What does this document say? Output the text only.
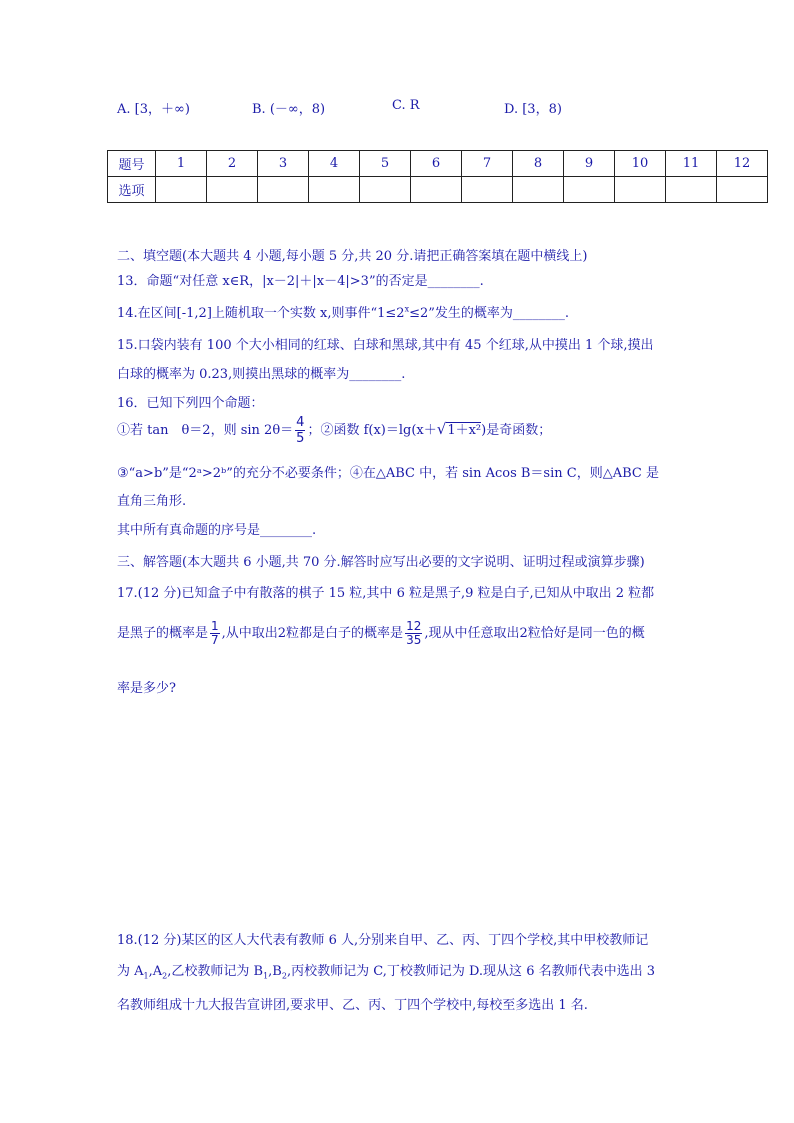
A. [3，＋∞)	B. (－∞，8)	C. R	D. [3，8)
题号	1	2	3	4	5	6	7	8	9	10	11	12
选项												
二、填空题(本大题共 4 小题,每小题 5 分,共 20 分.请把正确答案填在题中横线上)
13．命题“对任意 x∈R，|x－2|＋|x－4|>3”的否定是________.
14.在区间[-1,2]上随机取一个实数 x,则事件“$1\le 2^x\le 2$”发生的概率为________.
15.口袋内装有 100 个大小相同的红球、白球和黑球,其中有 45 个红球,从中摸出 1 个球,摸出
白球的概率为 0.23,则摸出黑球的概率为________.
16．已知下列四个命题：
①若 tan　θ＝2，则 $\sin 2\theta= \frac{4}{5}$ ；②函数 f(x)＝lg(x＋√1＋x²)是奇函数；
③“a>b”是“2ᵃ>2ᵇ”的充分不必要条件；④在△ABC 中，若 sin Acos B＝sin C，则△ABC 是
直角三角形.
其中所有真命题的序号是________.
三、解答题(本大题共 6 小题,共 70 分.解答时应写出必要的文字说明、证明过程或演算步骤)
17.(12 分)已知盒子中有散落的棋子 15 粒,其中 6 粒是黑子,9 粒是白子,已知从中取出 2 粒都
是黑子的概率是 $\frac{1}{7}$ ,从中取出2粒都是白子的概率是 $\frac{12}{35}$ ,现从中任意取出2粒恰好是同一色的概
率是多少?
18.(12 分)某区的区人大代表有教师 6 人,分别来自甲、乙、丙、丁四个学校,其中甲校教师记
为 $A_1,A_2$,乙校教师记为 $B_1,B_2$,丙校教师记为 C,丁校教师记为 D.现从这 6 名教师代表中选出 3
名教师组成十九大报告宣讲团,要求甲、乙、丙、丁四个学校中,每校至多选出 1 名.
